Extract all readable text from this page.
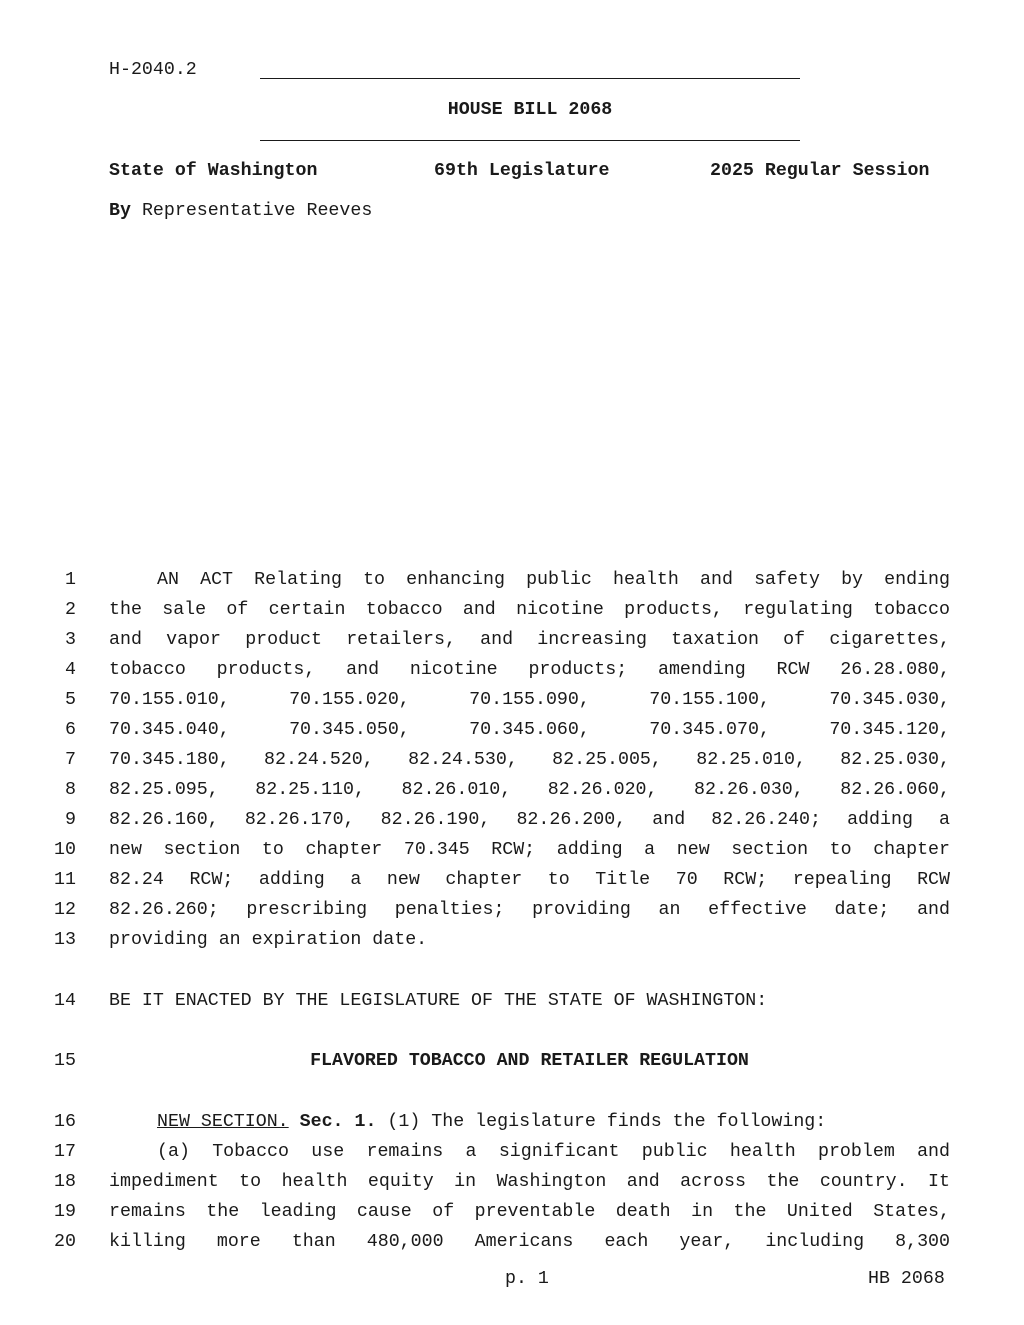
H-2040.2
HOUSE BILL 2068
State of Washington	69th Legislature	2025 Regular Session
By Representative Reeves
1	AN ACT Relating to enhancing public health and safety by ending
2 the sale of certain tobacco and nicotine products, regulating tobacco
3 and vapor product retailers, and increasing taxation of cigarettes,
4 tobacco products, and nicotine products; amending RCW 26.28.080,
5 70.155.010, 70.155.020, 70.155.090, 70.155.100, 70.345.030,
6 70.345.040, 70.345.050, 70.345.060, 70.345.070, 70.345.120,
7 70.345.180, 82.24.520, 82.24.530, 82.25.005, 82.25.010, 82.25.030,
8 82.25.095, 82.25.110, 82.26.010, 82.26.020, 82.26.030, 82.26.060,
9 82.26.160, 82.26.170, 82.26.190, 82.26.200, and 82.26.240; adding a
10 new section to chapter 70.345 RCW; adding a new section to chapter
11 82.24 RCW; adding a new chapter to Title 70 RCW; repealing RCW
12 82.26.260; prescribing penalties; providing an effective date; and
13 providing an expiration date.
14 BE IT ENACTED BY THE LEGISLATURE OF THE STATE OF WASHINGTON:
15	FLAVORED TOBACCO AND RETAILER REGULATION
16	NEW SECTION. Sec. 1. (1) The legislature finds the following:
17	(a) Tobacco use remains a significant public health problem and
18 impediment to health equity in Washington and across the country. It
19 remains the leading cause of preventable death in the United States,
20 killing more than 480,000 Americans each year, including 8,300
p. 1	HB 2068
